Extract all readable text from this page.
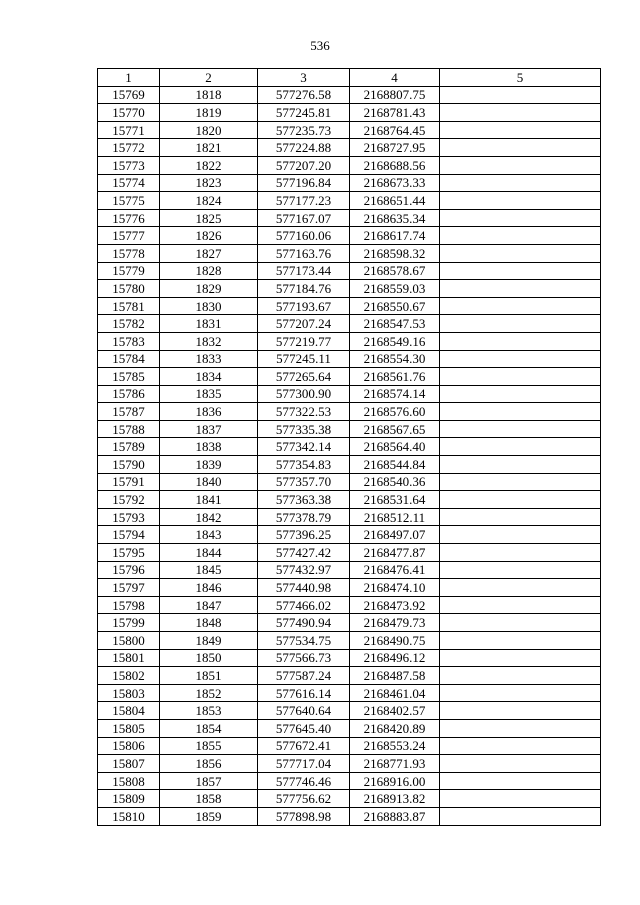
536
1	2	3	4	5
15769	1818	577276.58	2168807.75	
15770	1819	577245.81	2168781.43	
15771	1820	577235.73	2168764.45	
15772	1821	577224.88	2168727.95	
15773	1822	577207.20	2168688.56	
15774	1823	577196.84	2168673.33	
15775	1824	577177.23	2168651.44	
15776	1825	577167.07	2168635.34	
15777	1826	577160.06	2168617.74	
15778	1827	577163.76	2168598.32	
15779	1828	577173.44	2168578.67	
15780	1829	577184.76	2168559.03	
15781	1830	577193.67	2168550.67	
15782	1831	577207.24	2168547.53	
15783	1832	577219.77	2168549.16	
15784	1833	577245.11	2168554.30	
15785	1834	577265.64	2168561.76	
15786	1835	577300.90	2168574.14	
15787	1836	577322.53	2168576.60	
15788	1837	577335.38	2168567.65	
15789	1838	577342.14	2168564.40	
15790	1839	577354.83	2168544.84	
15791	1840	577357.70	2168540.36	
15792	1841	577363.38	2168531.64	
15793	1842	577378.79	2168512.11	
15794	1843	577396.25	2168497.07	
15795	1844	577427.42	2168477.87	
15796	1845	577432.97	2168476.41	
15797	1846	577440.98	2168474.10	
15798	1847	577466.02	2168473.92	
15799	1848	577490.94	2168479.73	
15800	1849	577534.75	2168490.75	
15801	1850	577566.73	2168496.12	
15802	1851	577587.24	2168487.58	
15803	1852	577616.14	2168461.04	
15804	1853	577640.64	2168402.57	
15805	1854	577645.40	2168420.89	
15806	1855	577672.41	2168553.24	
15807	1856	577717.04	2168771.93	
15808	1857	577746.46	2168916.00	
15809	1858	577756.62	2168913.82	
15810	1859	577898.98	2168883.87	
